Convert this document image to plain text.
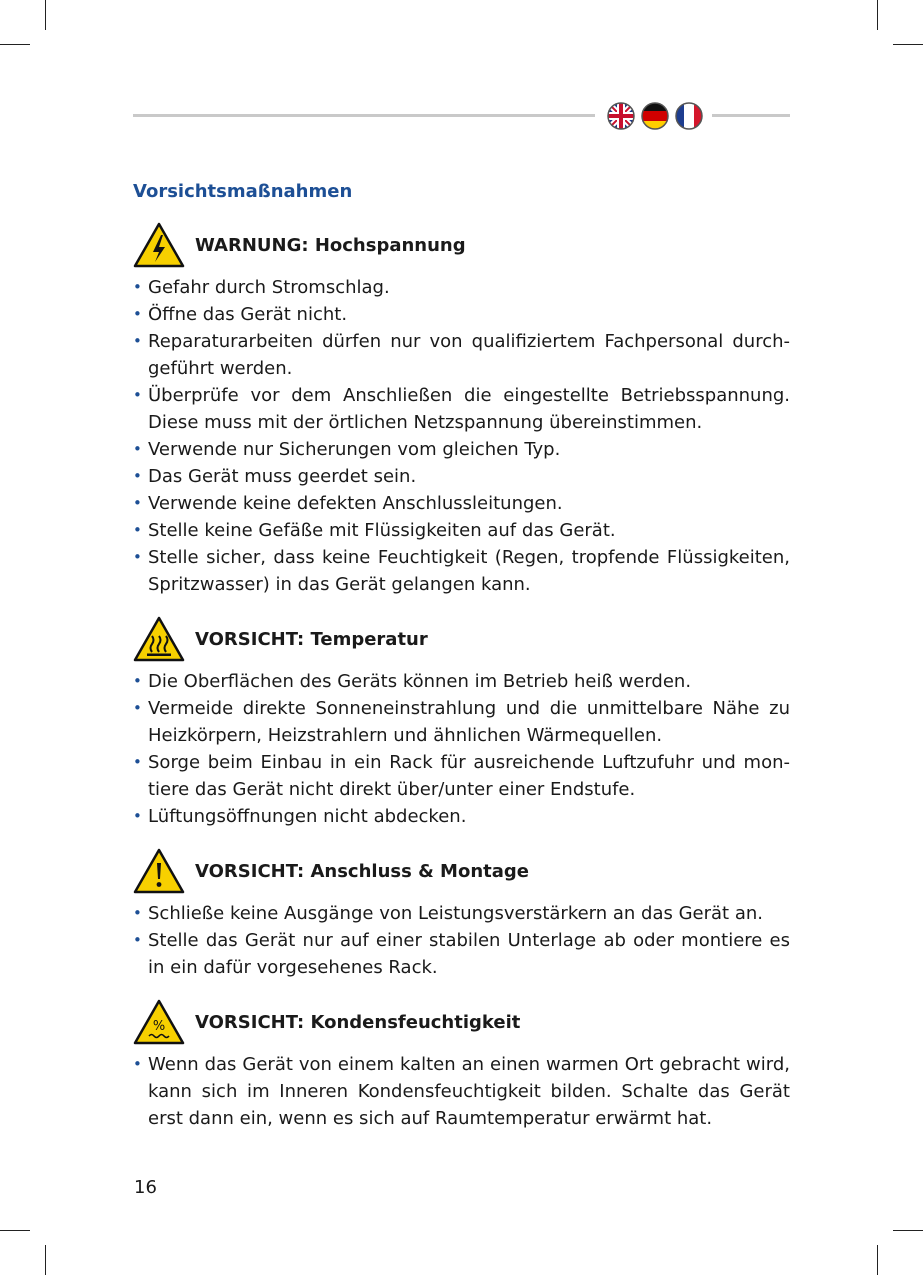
Vorsichtsmaßnahmen
WARNUNG: Hochspannung
• Gefahr durch Stromschlag.
• Öffne das Gerät nicht.
• Reparaturarbeiten dürfen nur von qualifiziertem Fachpersonal durch-geführt werden.
• Überprüfe vor dem Anschließen die eingestellte Betriebsspannung. Diese muss mit der örtlichen Netzspannung übereinstimmen.
• Verwende nur Sicherungen vom gleichen Typ.
• Das Gerät muss geerdet sein.
• Verwende keine defekten Anschlussleitungen.
• Stelle keine Gefäße mit Flüssigkeiten auf das Gerät.
• Stelle sicher, dass keine Feuchtigkeit (Regen, tropfende Flüssigkeiten, Spritzwasser) in das Gerät gelangen kann.
VORSICHT: Temperatur
• Die Oberflächen des Geräts können im Betrieb heiß werden.
• Vermeide direkte Sonneneinstrahlung und die unmittelbare Nähe zu Heizkörpern, Heizstrahlern und ähnlichen Wärmequellen.
• Sorge beim Einbau in ein Rack für ausreichende Luftzufuhr und mon-tiere das Gerät nicht direkt über/unter einer Endstufe.
• Lüftungsöffnungen nicht abdecken.
VORSICHT: Anschluss & Montage
• Schließe keine Ausgänge von Leistungsverstärkern an das Gerät an.
• Stelle das Gerät nur auf einer stabilen Unterlage ab oder montiere es in ein dafür vorgesehenes Rack.
% VORSICHT: Kondensfeuchtigkeit
• Wenn das Gerät von einem kalten an einen warmen Ort gebracht wird, kann sich im Inneren Kondensfeuchtigkeit bilden. Schalte das Gerät erst dann ein, wenn es sich auf Raumtemperatur erwärmt hat.
16
